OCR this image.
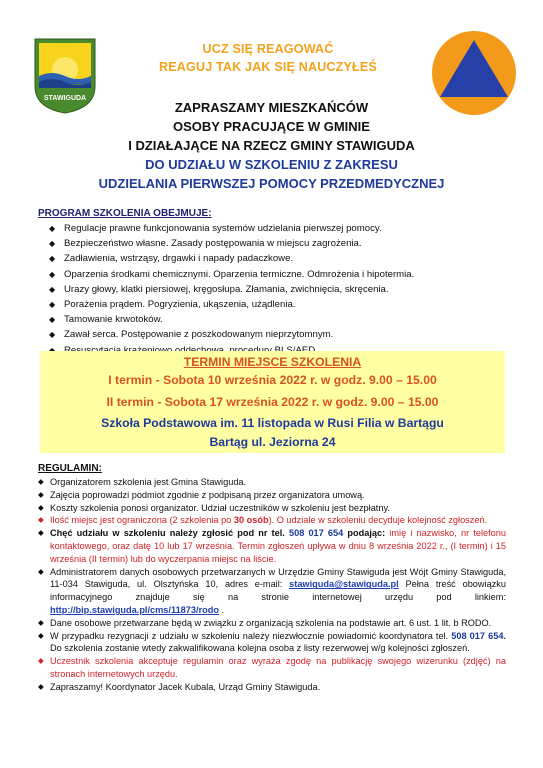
STAWIGUDA
UCZ SIĘ REAGOWAĆ
REAGUJ TAK JAK SIĘ NAUCZYŁEŚ
ZAPRASZAMY MIESZKAŃCÓW
OSOBY PRACUJĄCE W GMINIE
I DZIAŁAJĄCE NA RZECZ GMINY STAWIGUDA
DO UDZIAŁU W SZKOLENIU Z ZAKRESU
UDZIELANIA PIERWSZEJ POMOCY PRZEDMEDYCZNEJ
PROGRAM SZKOLENIA OBEJMUJE:
◆ Regulacje prawne funkcjonowania systemów udzielania pierwszej pomocy.
◆ Bezpieczeństwo własne. Zasady postępowania w miejscu zagrożenia.
◆ Zadławienia, wstrząsy, drgawki i napady padaczkowe.
◆ Oparzenia środkami chemicznymi. Oparzenia termiczne. Odmrożenia i hipotermia.
◆ Urazy głowy, klatki piersiowej, kręgosłupa. Złamania, zwichnięcia, skręcenia.
◆ Porażenia prądem. Pogryzienia, ukąszenia, użądlenia.
◆ Tamowanie krwotoków.
◆ Zawał serca. Postępowanie z poszkodowanym nieprzytomnym.
TERMIN MIEJSCE SZKOLENIA
I termin - Sobota 10 września 2022 r. w godz. 9.00 – 15.00
II termin - Sobota 17 września 2022 r. w godz. 9.00 – 15.00
Szkoła Podstawowa im. 11 listopada w Rusi Filia w Bartągu
Bartąg ul. Jeziorna 24
REGULAMIN:
◆ Organizatorem szkolenia jest Gmina Stawiguda.
◆ Zajęcia poprowadzi podmiot zgodnie z podpisaną przez organizatora umową.
◆ Koszty szkolenia ponosi organizator. Udział uczestników w szkoleniu jest bezpłatny.
◆ Ilość miejsc jest ograniczona (2 szkolenia po 30 osób). O udziale w szkoleniu decyduje kolejność zgłoszeń.
◆ Chęć udziału w szkoleniu należy zgłosić pod nr tel. 508 017 654 podając: imię i nazwisko, nr telefonu kontaktowego, oraz datę 10 lub 17 września. Termin zgłoszeń upływa w dniu 8 września 2022 r., (I termin) i 15 września (II termin) lub do wyczerpania miejsc na liście.
◆ Administratorem danych osobowych przetwarzanych w Urzędzie Gminy Stawiguda jest Wójt Gminy Stawiguda, 11-034 Stawiguda, ul. Olsztyńska 10, adres e-mail: stawiguda@stawiguda.pl Pełna treść obowiązku informacyjnego znajduje się na stronie internetowej urzędu pod linkiem: http://bip.stawiguda.pl/cms/11873/rodo .
◆ Dane osobowe przetwarzane będą w związku z organizacją szkolenia na podstawie art. 6 ust. 1 lit. b RODO.
◆ W przypadku rezygnacji z udziału w szkoleniu należy niezwłocznie powiadomić koordynatora tel. 508 017 654. Do szkolenia zostanie wtedy zakwalifikowana kolejna osoba z listy rezerwowej w/g kolejności zgłoszeń.
◆ Uczestnik szkolenia akceptuje regulamin oraz wyraża zgodę na publikację swojego wizerunku (zdjęć) na stronach internetowych urzędu.
◆ Zapraszamy! Koordynator Jacek Kubala, Urząd Gminy Stawiguda.
